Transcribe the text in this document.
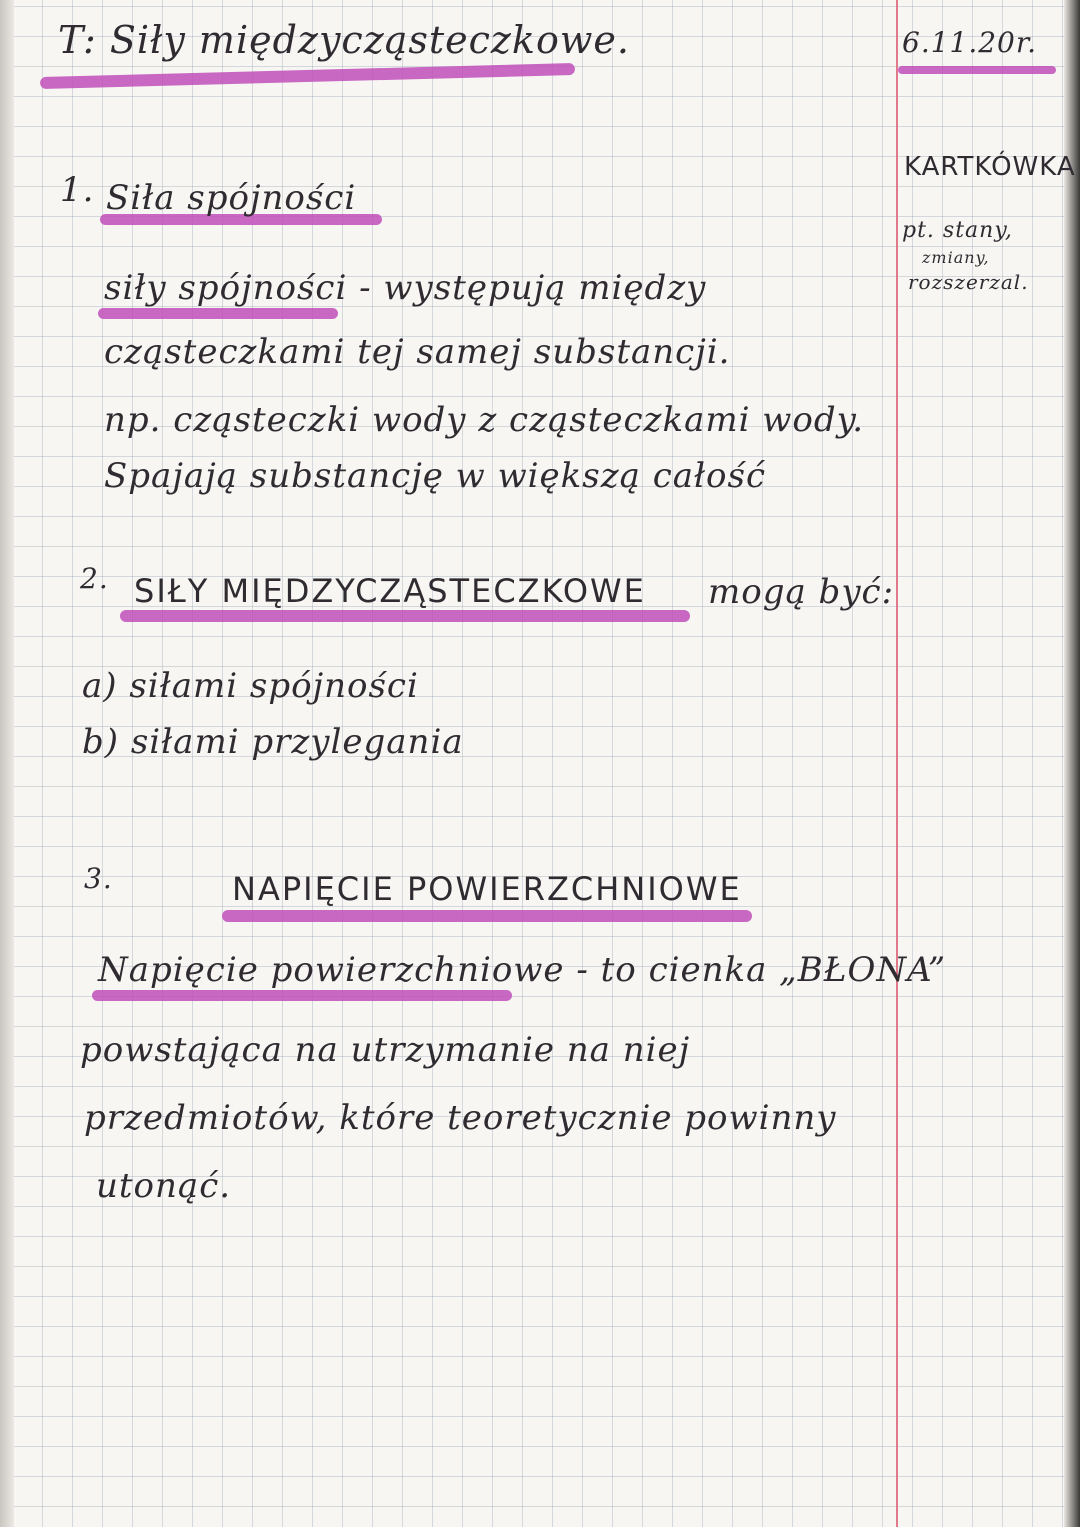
T: Siły międzycząsteczkowe.	6.11.20r.
KARTKÓWKA
pt. stany,
zmiany,
rozszerzal.
1. Siła spójności
siły spójności - występują między
cząsteczkami tej samej substancji.
np. cząsteczki wody z cząsteczkami wody.
Spajają substancję w większą całość
2. SIŁY MIĘDZYCZĄSTECZKOWE mogą być:
a) siłami spójności
b) siłami przylegania
3.	NAPIĘCIE POWIERZCHNIOWE
Napięcie powierzchniowe - to cienka „BŁONA”
powstająca na utrzymanie na niej
przedmiotów, które teoretycznie powinny
utonąć.
